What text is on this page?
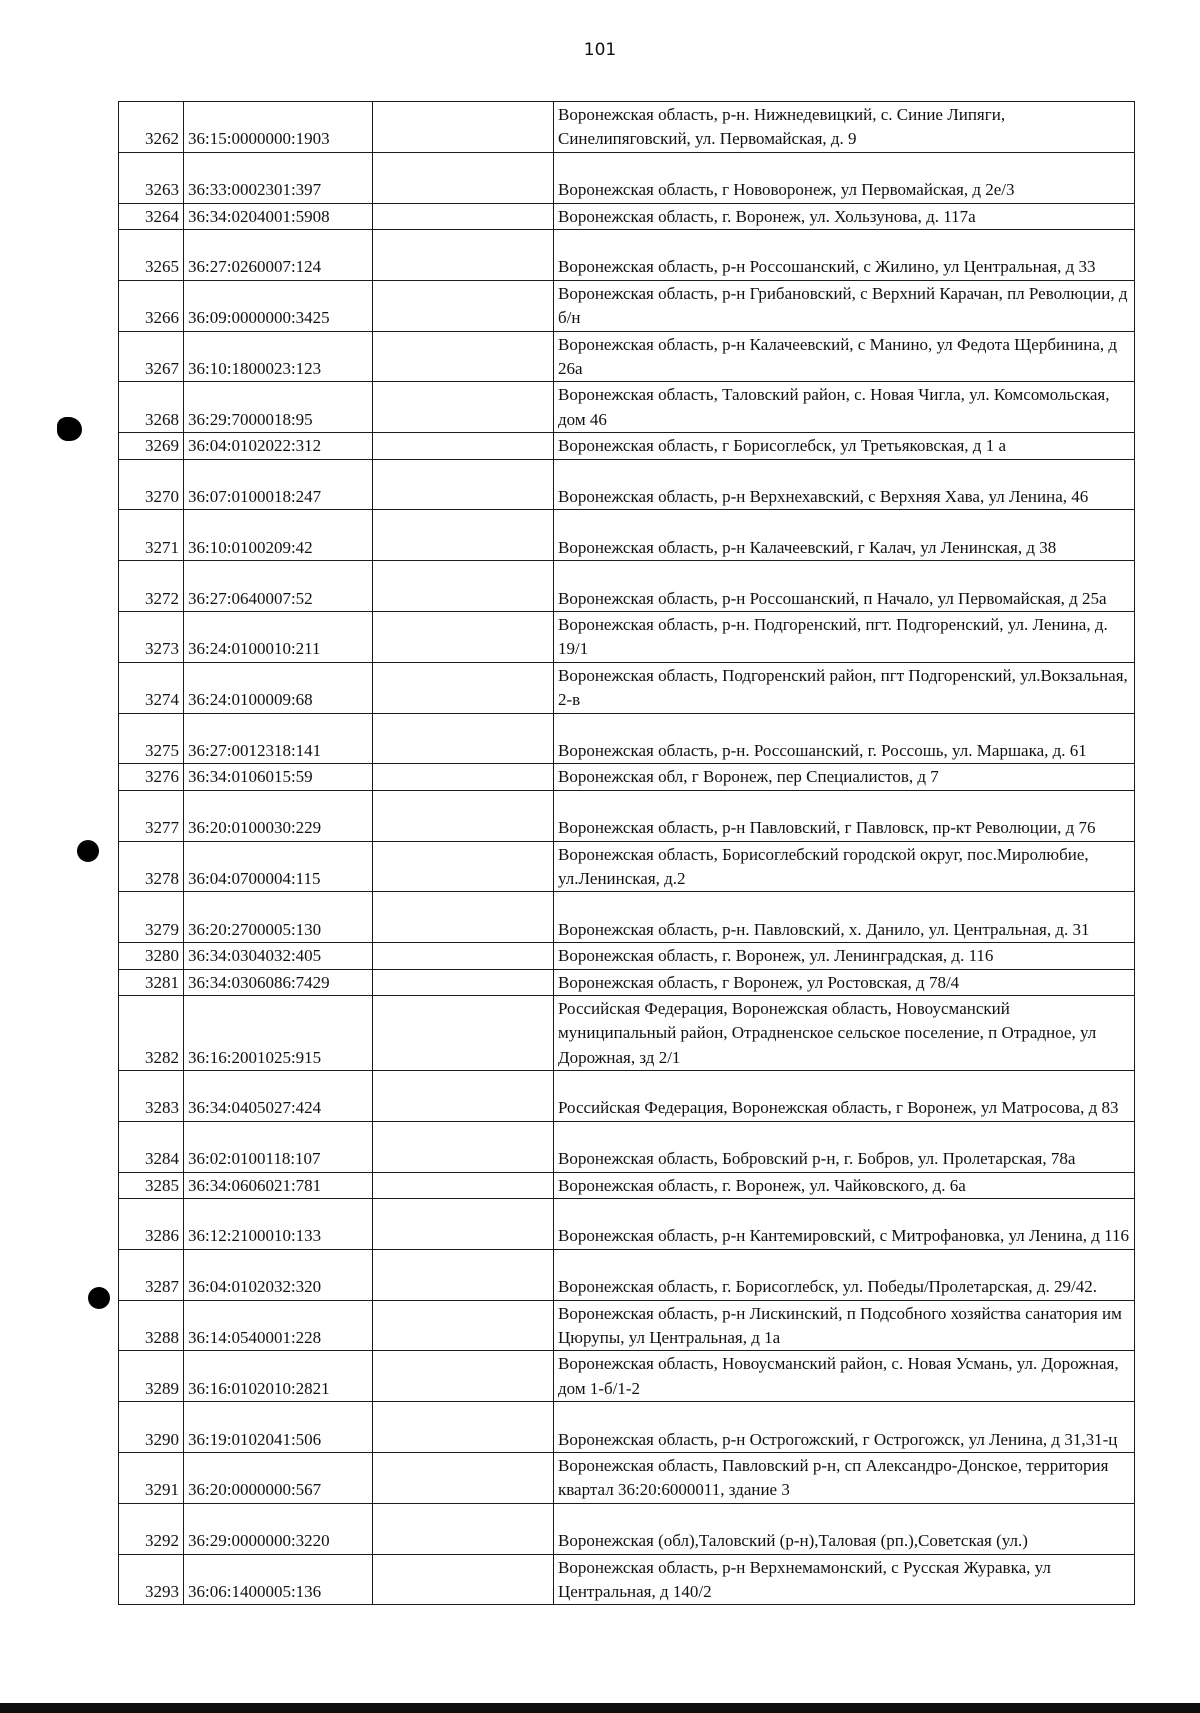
101
3262	36:15:0000000:1903		Воронежская область, р-н. Нижнедевицкий, с. Синие Липяги, Синелипяговский, ул. Первомайская, д. 9

3263	36:33:0002301:397		Воронежская область, г Нововоронеж, ул Первомайская, д 2е/3

3264	36:34:0204001:5908		Воронежская область, г. Воронеж, ул. Хользунова, д. 117а

3265	36:27:0260007:124		Воронежская область, р-н Россошанский, с Жилино, ул Центральная, д 33

3266	36:09:0000000:3425		Воронежская область, р-н Грибановский, с Верхний Карачан, пл Революции, д б/н

3267	36:10:1800023:123		Воронежская область, р-н Калачеевский, с Манино, ул Федота Щербинина, д 26а

3268	36:29:7000018:95		Воронежская область, Таловский район, с. Новая Чигла, ул. Комсомольская, дом 46

3269	36:04:0102022:312		Воронежская область, г Борисоглебск, ул Третьяковская, д 1 а

3270	36:07:0100018:247		Воронежская область, р-н Верхнехавский, с Верхняя Хава, ул Ленина, 46

3271	36:10:0100209:42		Воронежская область, р-н Калачеевский, г Калач, ул Ленинская, д 38

3272	36:27:0640007:52		Воронежская область, р-н Россошанский, п Начало, ул Первомайская, д 25а

3273	36:24:0100010:211		Воронежская область, р-н. Подгоренский, пгт. Подгоренский, ул. Ленина, д. 19/1

3274	36:24:0100009:68		Воронежская область, Подгоренский район, пгт Подгоренский, ул.Вокзальная, 2-в

3275	36:27:0012318:141		Воронежская область, р-н. Россошанский, г. Россошь, ул. Маршака, д. 61

3276	36:34:0106015:59		Воронежская обл, г Воронеж, пер Специалистов, д 7

3277	36:20:0100030:229		Воронежская область, р-н Павловский, г Павловск, пр-кт Революции, д 76

3278	36:04:0700004:115		Воронежская область, Борисоглебский городской округ, пос.Миролюбие, ул.Ленинская, д.2

3279	36:20:2700005:130		Воронежская область, р-н. Павловский, х. Данило, ул. Центральная, д. 31

3280	36:34:0304032:405		Воронежская область, г. Воронеж, ул. Ленинградская, д. 116

3281	36:34:0306086:7429		Воронежская область, г Воронеж, ул Ростовская, д 78/4

3282	36:16:2001025:915		Российская Федерация, Воронежская область, Новоусманский муниципальный район, Отрадненское сельское поселение, п Отрадное, ул Дорожная, зд 2/1

3283	36:34:0405027:424		Российская Федерация, Воронежская область, г Воронеж, ул Матросова, д 83

3284	36:02:0100118:107		Воронежская область, Бобровский р-н, г. Бобров, ул. Пролетарская, 78а

3285	36:34:0606021:781		Воронежская область, г. Воронеж, ул. Чайковского, д. 6а

3286	36:12:2100010:133		Воронежская область, р-н Кантемировский, с Митрофановка, ул Ленина, д 116

3287	36:04:0102032:320		Воронежская область, г. Борисоглебск, ул. Победы/Пролетарская, д. 29/42.

3288	36:14:0540001:228		Воронежская область, р-н Лискинский, п Подсобного хозяйства санатория им Цюрупы, ул Центральная, д 1а

3289	36:16:0102010:2821		Воронежская область, Новоусманский район, с. Новая Усмань, ул. Дорожная, дом 1-б/1-2

3290	36:19:0102041:506		Воронежская область, р-н Острогожский, г Острогожск, ул Ленина, д 31,31-ц

3291	36:20:0000000:567		Воронежская область, Павловский р-н, сп Александро-Донское, территория квартал 36:20:6000011, здание 3

3292	36:29:0000000:3220		Воронежская (обл),Таловский (р-н),Таловая (рп.),Советская (ул.)

3293	36:06:1400005:136		Воронежская область, р-н Верхнемамонский, с Русская Журавка, ул Центральная, д 140/2
